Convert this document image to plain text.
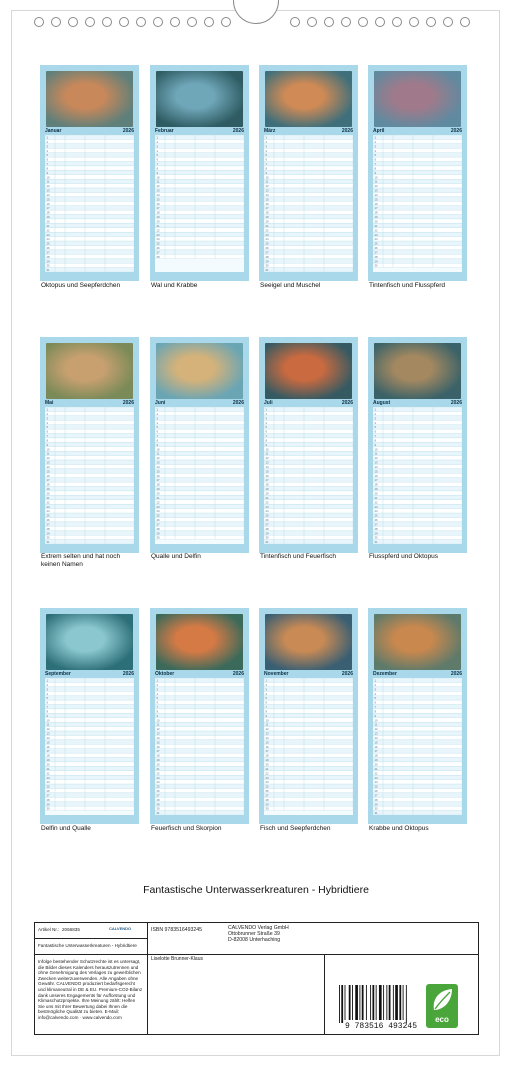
Januar	2026
1
2
3
4
5
6
7
8
9
10
11
12
13
14
15
16
17
18
19
20
21
22
23
24
25
26
27
28
29
30
31
Oktopus und Seepferdchen
Februar	2026
1
2
3
4
5
6
7
8
9
10
11
12
13
14
15
16
17
18
19
20
21
22
23
24
25
26
27
28
Wal und Krabbe
März	2026
1
2
3
4
5
6
7
8
9
10
11
12
13
14
15
16
17
18
19
20
21
22
23
24
25
26
27
28
29
30
31
Seeigel und Muschel
April	2026
1
2
3
4
5
6
7
8
9
10
11
12
13
14
15
16
17
18
19
20
21
22
23
24
25
26
27
28
29
30
Tintenfisch und Flusspferd
Mai	2026
1
2
3
4
5
6
7
8
9
10
11
12
13
14
15
16
17
18
19
20
21
22
23
24
25
26
27
28
29
30
31
Extrem selten und hat noch keinen Namen
Juni	2026
1
2
3
4
5
6
7
8
9
10
11
12
13
14
15
16
17
18
19
20
21
22
23
24
25
26
27
28
29
30
Qualle und Delfin
Juli	2026
1
2
3
4
5
6
7
8
9
10
11
12
13
14
15
16
17
18
19
20
21
22
23
24
25
26
27
28
29
30
31
Tintenfisch und Feuerfisch
August	2026
1
2
3
4
5
6
7
8
9
10
11
12
13
14
15
16
17
18
19
20
21
22
23
24
25
26
27
28
29
30
31
Flusspferd und Oktopus
September	2026
1
2
3
4
5
6
7
8
9
10
11
12
13
14
15
16
17
18
19
20
21
22
23
24
25
26
27
28
29
30
Delfin und Qualle
Oktober	2026
1
2
3
4
5
6
7
8
9
10
11
12
13
14
15
16
17
18
19
20
21
22
23
24
25
26
27
28
29
30
31
Feuerfisch und Skorpion
November	2026
1
2
3
4
5
6
7
8
9
10
11
12
13
14
15
16
17
18
19
20
21
22
23
24
25
26
27
28
29
30
Fisch und Seepferdchen
Dezember	2026
1
2
3
4
5
6
7
8
9
10
11
12
13
14
15
16
17
18
19
20
21
22
23
24
25
26
27
28
29
30
31
Krabbe und Oktopus
Fantastische Unterwasserkreaturen - Hybridtiere
Artikel Nr.: 2066835	CALVENDO
Fantastische Unterwasserkreaturen - Hybridtiere
Infolge bestehender Schutzrechte ist es untersagt, die Bilder dieses Kalenders herauszutrennen und ohne Genehmigung des Verlages zu gewerblichen Zwecken weiterzuverwenden. Alle Angaben ohne Gewähr. CALVENDO produziert bedarfsgerecht und klimaneutral in DE & EU. Premium-CO2-Bilanz dank unseres Engagements für Aufforstung und Klimaschutzprojekte. Ihre Meinung zählt: Helfen Sie uns mit Ihrer Bewertung dabei Ihnen die bestmögliche Qualität zu bieten. E-Mail: info@calvendo.com · www.calvendo.com
ISBN 9783516493245	CALVENDO Verlag GmbH
Ottobrunner Straße 39
D-82008 Unterhaching
Liselotte Brunner-Klaus
9 783516 493245
eco
